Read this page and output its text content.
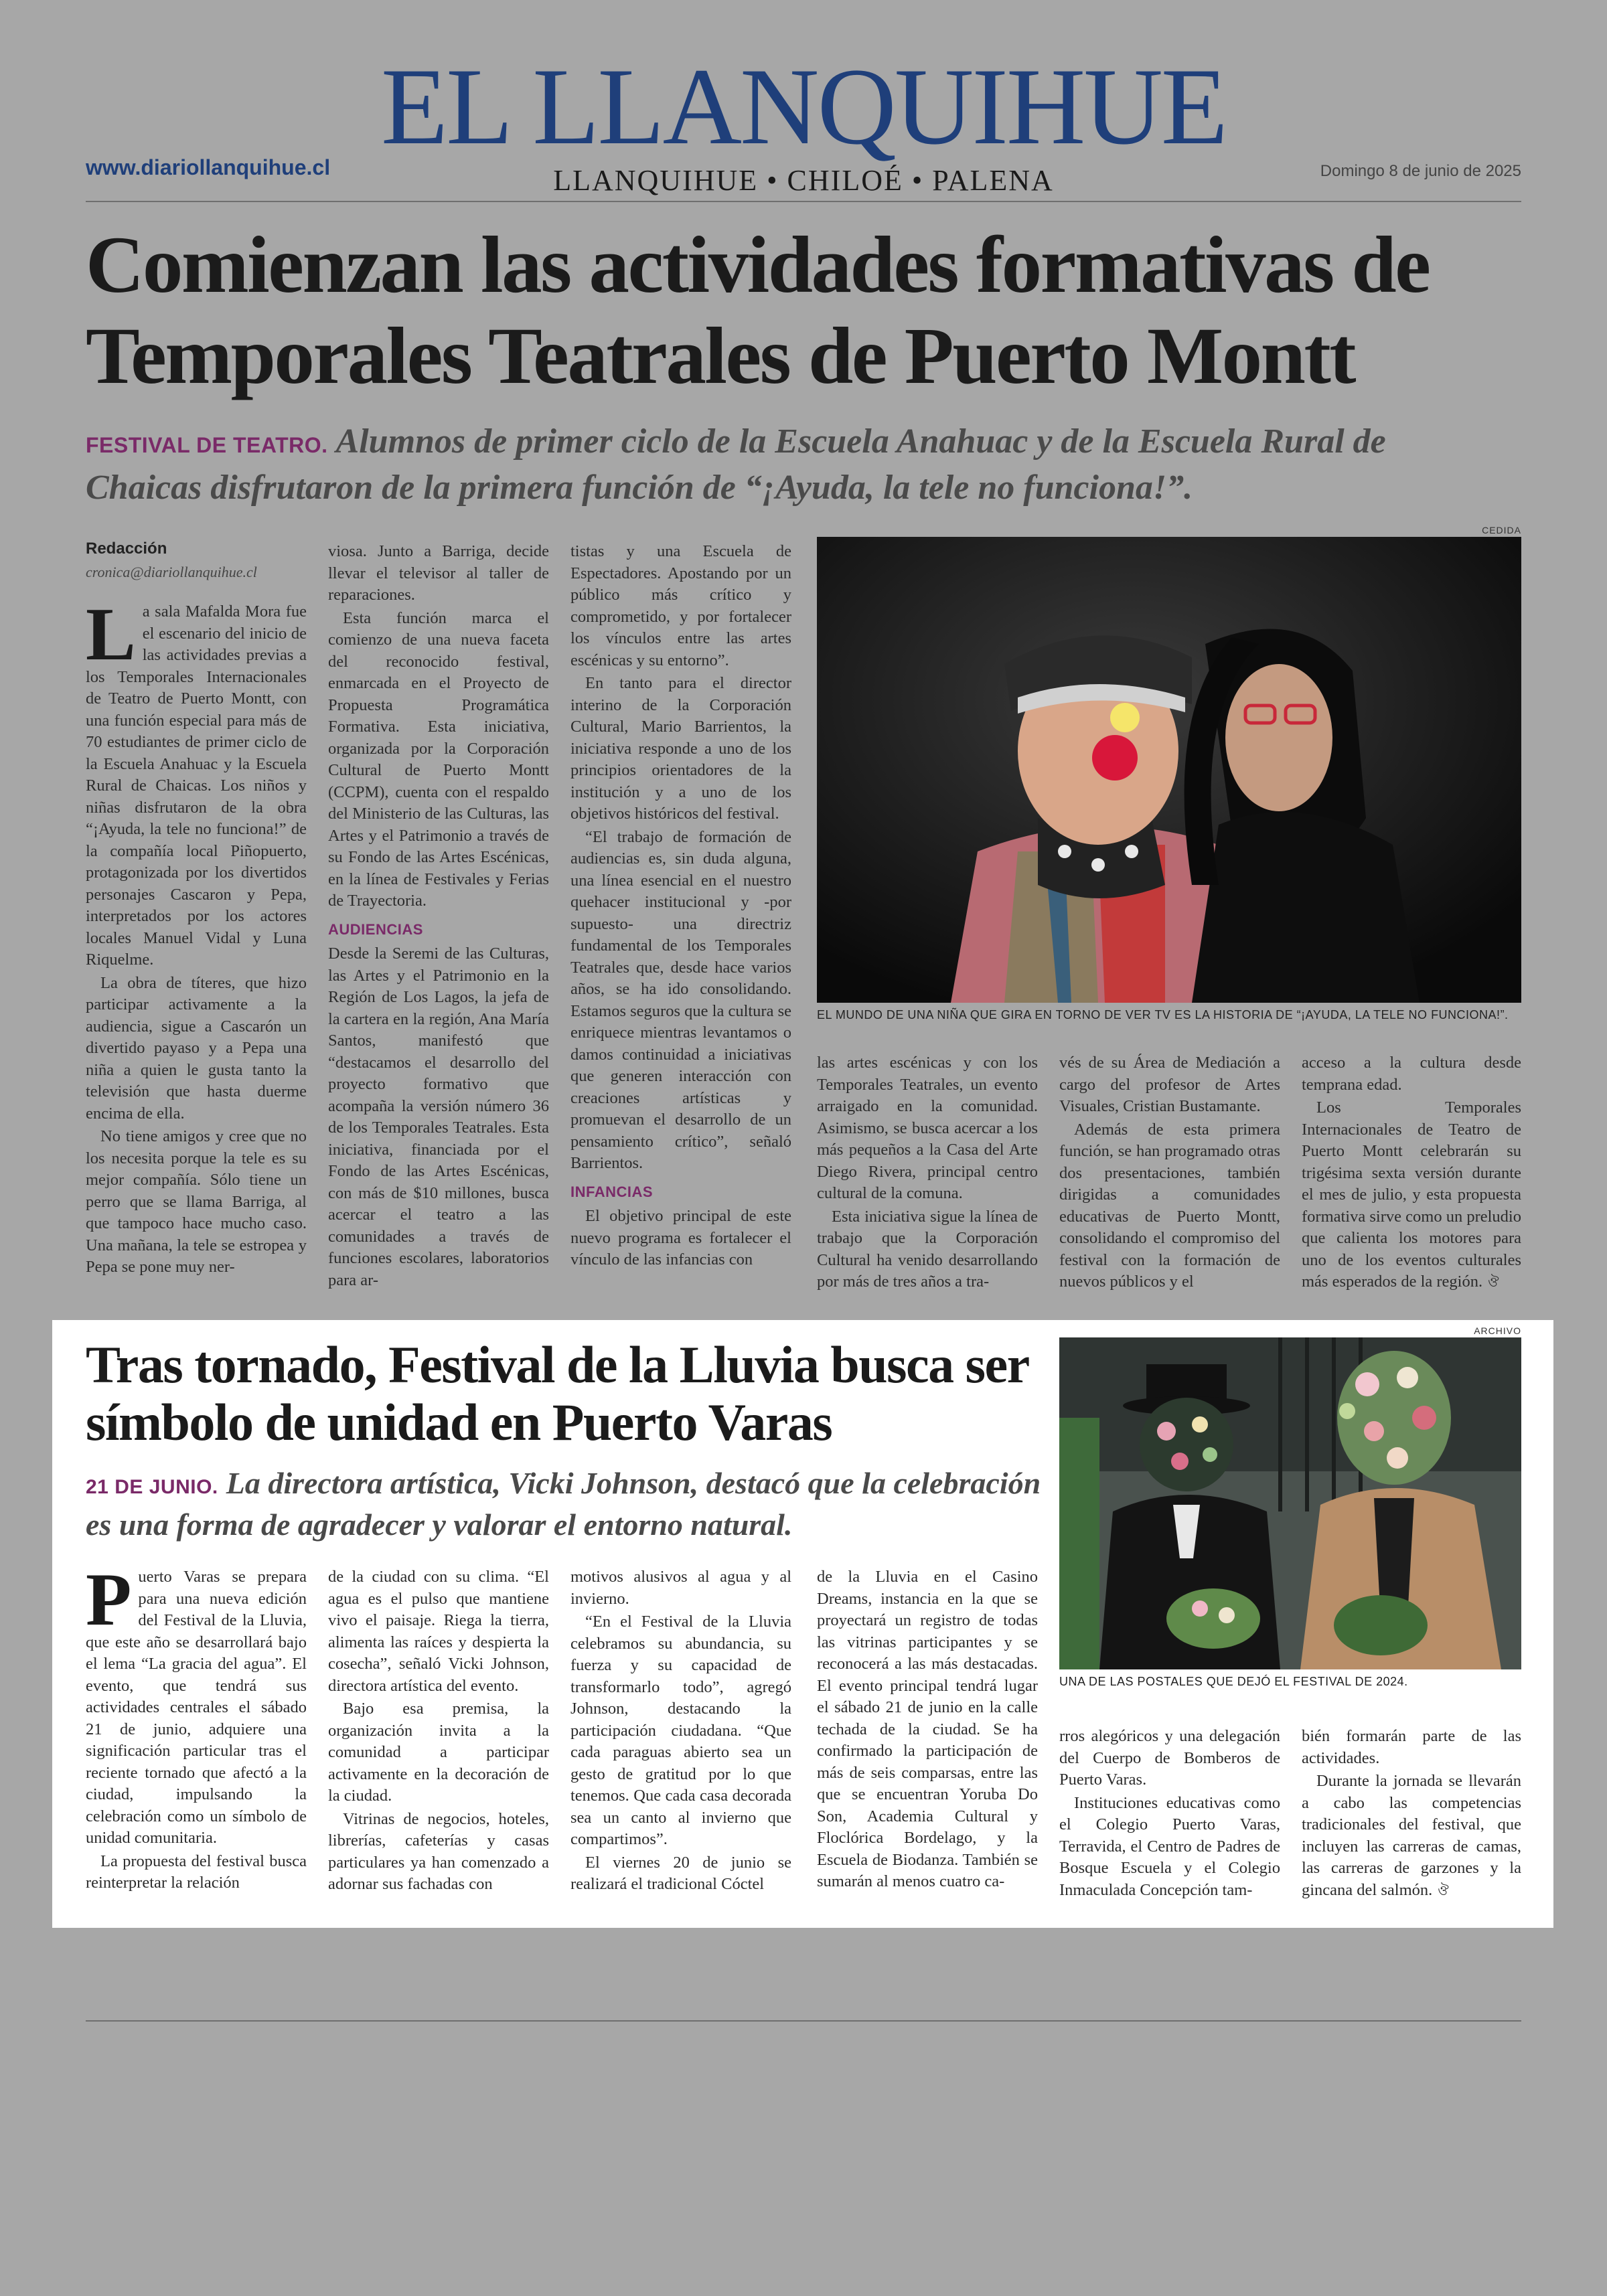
EL LLANQUIHUE
www.diariollanquihue.cl	LLANQUIHUE • CHILOÉ • PALENA	Domingo 8 de junio de 2025
Comienzan las actividades formativas de Temporales Teatrales de Puerto Montt

FESTIVAL DE TEATRO. Alumnos de primer ciclo de la Escuela Anahuac y de la Escuela Rural de Chaicas disfrutaron de la primera función de “¡Ayuda, la tele no funciona!”.

Redacción
cronica@diariollanquihue.cl

La sala Mafalda Mora fue el escenario del inicio de las actividades previas a los Temporales Internacionales de Teatro de Puerto Montt, con una función especial para más de 70 estudiantes de primer ciclo de la Escuela Anahuac y la Escuela Rural de Chaicas. Los niños y niñas disfrutaron de la obra “¡Ayuda, la tele no funciona!” de la compañía local Piñopuerto, protagonizada por los divertidos personajes Cascaron y Pepa, interpretados por los actores locales Manuel Vidal y Luna Riquelme.

La obra de títeres, que hizo participar activamente a la audiencia, sigue a Cascarón un divertido payaso y a Pepa una niña a quien le gusta tanto la televisión que hasta duerme encima de ella.

No tiene amigos y cree que no los necesita porque la tele es su mejor compañía. Sólo tiene un perro que se llama Barriga, al que tampoco hace mucho caso. Una mañana, la tele se estropea y Pepa se pone muy ner-

viosa. Junto a Barriga, decide llevar el televisor al taller de reparaciones.

Esta función marca el comienzo de una nueva faceta del reconocido festival, enmarcada en el Proyecto de Propuesta Programática Formativa. Esta iniciativa, organizada por la Corporación Cultural de Puerto Montt (CCPM), cuenta con el respaldo del Ministerio de las Culturas, las Artes y el Patrimonio a través de su Fondo de las Artes Escénicas, en la línea de Festivales y Ferias de Trayectoria.

AUDIENCIAS

Desde la Seremi de las Culturas, las Artes y el Patrimonio en la Región de Los Lagos, la jefa de la cartera en la región, Ana María Santos, manifestó que “destacamos el desarrollo del proyecto formativo que acompaña la versión número 36 de los Temporales Teatrales. Esta iniciativa, financiada por el Fondo de las Artes Escénicas, con más de $10 millones, busca acercar el teatro a las comunidades a través de funciones escolares, laboratorios para ar-

tistas y una Escuela de Espectadores. Apostando por un público más crítico y comprometido, y por fortalecer los vínculos entre las artes escénicas y su entorno”.

En tanto para el director interino de la Corporación Cultural, Mario Barrientos, la iniciativa responde a uno de los principios orientadores de la institución y a uno de los objetivos históricos del festival.

“El trabajo de formación de audiencias es, sin duda alguna, una línea esencial en el nuestro quehacer institucional y -por supuesto- una directriz fundamental de los Temporales Teatrales que, desde hace varios años, se ha ido consolidando. Estamos seguros que la cultura se enriquece mientras levantamos o damos continuidad a iniciativas que generen interacción con creaciones artísticas y promuevan el desarrollo de un pensamiento crítico”, señaló Barrientos.

INFANCIAS

El objetivo principal de este nuevo programa es fortalecer el vínculo de las infancias con

CEDIDA
EL MUNDO DE UNA NIÑA QUE GIRA EN TORNO DE VER TV ES LA HISTORIA DE “¡AYUDA, LA TELE NO FUNCIONA!”.

las artes escénicas y con los Temporales Teatrales, un evento arraigado en la comunidad. Asimismo, se busca acercar a los más pequeños a la Casa del Arte Diego Rivera, principal centro cultural de la comuna.

Esta iniciativa sigue la línea de trabajo que la Corporación Cultural ha venido desarrollando por más de tres años a tra-

vés de su Área de Mediación a cargo del profesor de Artes Visuales, Cristian Bustamante.

Además de esta primera función, se han programado otras dos presentaciones, también dirigidas a comunidades educativas de Puerto Montt, consolidando el compromiso del festival con la formación de nuevos públicos y el

acceso a la cultura desde temprana edad.

Los Temporales Internacionales de Teatro de Puerto Montt celebrarán su trigésima sexta versión durante el mes de julio, y esta propuesta formativa sirve como un preludio que calienta los motores para uno de los eventos culturales más esperados de la región. ঔ

Tras tornado, Festival de la Lluvia busca ser símbolo de unidad en Puerto Varas

21 DE JUNIO. La directora artística, Vicki Johnson, destacó que la celebración es una forma de agradecer y valorar el entorno natural.

Puerto Varas se prepara para una nueva edición del Festival de la Lluvia, que este año se desarrollará bajo el lema “La gracia del agua”. El evento, que tendrá sus actividades centrales el sábado 21 de junio, adquiere una significación particular tras el reciente tornado que afectó a la ciudad, impulsando la celebración como un símbolo de unidad comunitaria.

La propuesta del festival busca reinterpretar la relación

de la ciudad con su clima. “El agua es el pulso que mantiene vivo el paisaje. Riega la tierra, alimenta las raíces y despierta la cosecha”, señaló Vicki Johnson, directora artística del evento.

Bajo esa premisa, la organización invita a la comunidad a participar activamente en la decoración de la ciudad.

Vitrinas de negocios, hoteles, librerías, cafeterías y casas particulares ya han comenzado a adornar sus fachadas con

motivos alusivos al agua y al invierno.

“En el Festival de la Lluvia celebramos su abundancia, su fuerza y su capacidad de transformarlo todo”, agregó Johnson, destacando la participación ciudadana. “Que cada paraguas abierto sea un gesto de gratitud por lo que tenemos. Que cada casa decorada sea un canto al invierno que compartimos”.

El viernes 20 de junio se realizará el tradicional Cóctel

de la Lluvia en el Casino Dreams, instancia en la que se proyectará un registro de todas las vitrinas participantes y se reconocerá a las más destacadas. El evento principal tendrá lugar el sábado 21 de junio en la calle techada de la ciudad. Se ha confirmado la participación de más de seis comparsas, entre las que se encuentran Yoruba Do Son, Academia Cultural y Floclórica Bordelago, y la Escuela de Biodanza. También se sumarán al menos cuatro ca-

ARCHIVO
UNA DE LAS POSTALES QUE DEJÓ EL FESTIVAL DE 2024.

rros alegóricos y una delegación del Cuerpo de Bomberos de Puerto Varas.

Instituciones educativas como el Colegio Puerto Varas, Terravida, el Centro de Padres de Bosque Escuela y el Colegio Inmaculada Concepción tam-

bién formarán parte de las actividades.

Durante la jornada se llevarán a cabo las competencias tradicionales del festival, que incluyen las carreras de camas, las carreras de garzones y la gincana del salmón. ঔ
